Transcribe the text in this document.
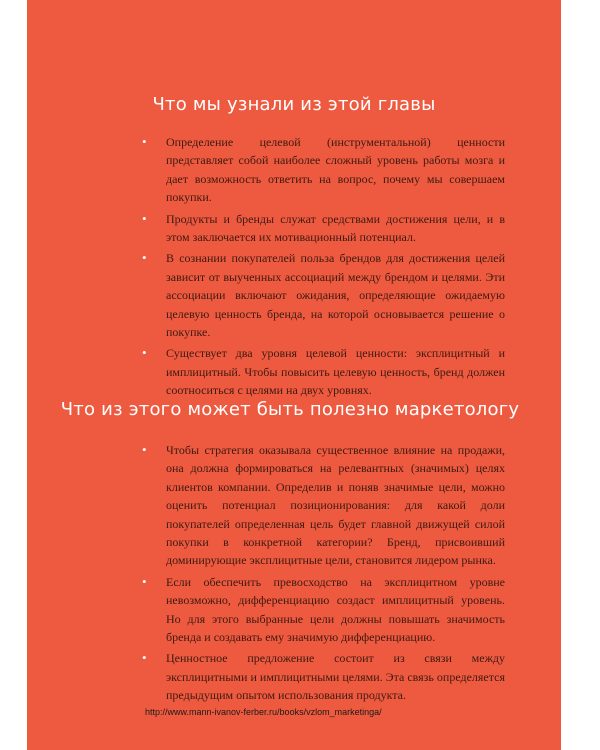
Что мы узнали из этой главы
• Определение целевой (инструментальной) ценности представляет собой наиболее сложный уровень работы мозга и дает возможность ответить на вопрос, почему мы совершаем покупки.
• Продукты и бренды служат средствами достижения цели, и в этом заключается их мотивационный потенциал.
• В сознании покупателей польза брендов для достижения целей зависит от выученных ассоциаций между брендом и целями. Эти ассоциации включают ожидания, определяющие ожидаемую целевую ценность бренда, на которой основывается решение о покупке.
• Существует два уровня целевой ценности: эксплицитный и имплицитный. Чтобы повысить целевую ценность, бренд должен соотноситься с целями на двух уровнях.
Что из этого может быть полезно маркетологу
• Чтобы стратегия оказывала существенное влияние на продажи, она должна формироваться на релевантных (значимых) целях клиентов компании. Определив и поняв значимые цели, можно оценить потенциал позиционирования: для какой доли покупателей определенная цель будет главной движущей силой покупки в конкретной категории? Бренд, присвоивший доминирующие эксплицитные цели, становится лидером рынка.
• Если обеспечить превосходство на эксплицитном уровне невозможно, дифференциацию создаст имплицитный уровень. Но для этого выбранные цели должны повышать значимость бренда и создавать ему значимую дифференциацию.
• Ценностное предложение состоит из связи между эксплицитными и имплицитными целями. Эта связь определяется предыдущим опытом использования продукта.
http://www.mann-ivanov-ferber.ru/books/vzlom_marketinga/
